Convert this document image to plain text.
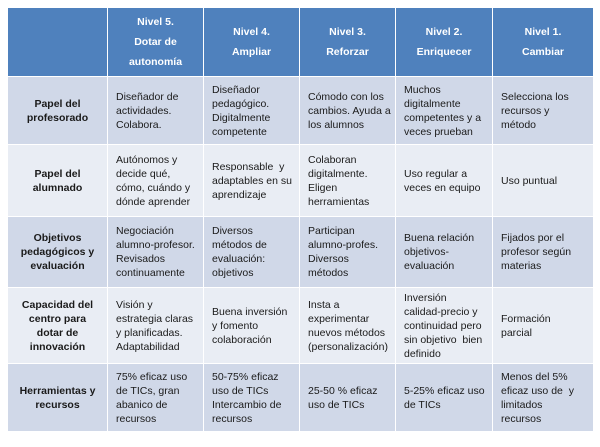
	Nivel 5.
Dotar de
autonomía	Nivel 4.
Ampliar	Nivel 3.
Reforzar	Nivel 2.
Enriquecer	Nivel 1.
Cambiar

Papel del
profesorado	Diseñador de
actividades.
Colabora.	Diseñador
pedagógico.
Digitalmente
competente	Cómodo con los
cambios. Ayuda a
los alumnos	Muchos
digitalmente
competentes y a
veces prueban	Selecciona los
recursos y
método

Papel del
alumnado	Autónomos y
decide qué,
cómo, cuándo y
dónde aprender	Responsable  y
adaptables en su
aprendizaje	Colaboran
digitalmente.
Eligen
herramientas	Uso regular a
veces en equipo	Uso puntual

Objetivos
pedagógicos y
evaluación	Negociación
alumno-profesor.
Revisados
continuamente	Diversos
métodos de
evaluación:
objetivos	Participan
alumno-profes.
Diversos
métodos	Buena relación
objetivos-
evaluación	Fijados por el
profesor según
materias

Capacidad del
centro para
dotar de
innovación	Visión y
estrategia claras
y planificadas.
Adaptabilidad	Buena inversión
y fomento
colaboración	Insta a
experimentar
nuevos métodos
(personalización)	Inversión
calidad-precio y
continuidad pero
sin objetivo  bien
definido	Formación
parcial

Herramientas y
recursos	75% eficaz uso
de TICs, gran
abanico de
recursos	50-75% eficaz
uso de TICs
Intercambio de
recursos	25-50 % eficaz
uso de TICs	5-25% eficaz uso
de TICs	Menos del 5%
eficaz uso de  y
limitados
recursos
